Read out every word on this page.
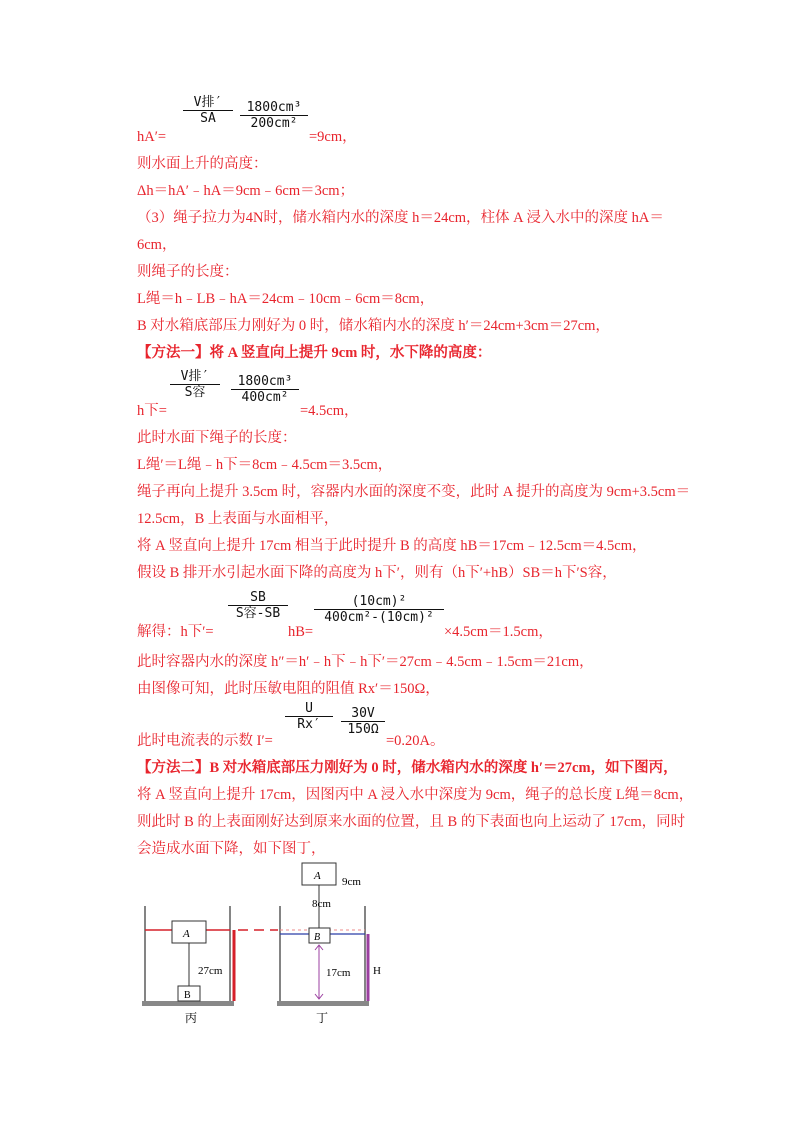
hA′=
V排′
SA	$\frac{\text{1800cm³}}{\text{200cm²}}$
=9cm，
则水面上升的高度：
Δh＝hA′﹣hA＝9cm﹣6cm＝3cm；
（3）绳子拉力为4N时，储水箱内水的深度 h＝24cm，柱体 A 浸入水中的深度 hA＝
6cm，
则绳子的长度：
L绳＝h﹣LB﹣hA＝24cm﹣10cm﹣6cm＝8cm，
B 对水箱底部压力刚好为 0 时，储水箱内水的深度 h′＝24cm+3cm＝27cm，
【方法一】将 A 竖直向上提升 9cm 时，水下降的高度：
h下=
V排′
S容	$\frac{\text{1800cm³}}{\text{400cm²}}$
=4.5cm，
此时水面下绳子的长度：
L绳′＝L绳﹣h下＝8cm﹣4.5cm＝3.5cm，
绳子再向上提升 3.5cm 时，容器内水面的深度不变，此时 A 提升的高度为 9cm+3.5cm＝
12.5cm，B 上表面与水面相平，
将 A 竖直向上提升 17cm 相当于此时提升 B 的高度 hB＝17cm﹣12.5cm＝4.5cm，
假设 B 排开水引起水面下降的高度为 h下′，则有（h下′+hB）SB＝h下′S容，
解得：h下′=
SB
S容-SB
hB=
$\frac{\text{(10cm)²}}{\text{400cm²-(10cm)²}}$
×4.5cm＝1.5cm，
此时容器内水的深度 h″＝h′﹣h下﹣h下′＝27cm﹣4.5cm﹣1.5cm＝21cm，
由图像可知，此时压敏电阻的阻值 Rx′＝150Ω，
此时电流表的示数 I′=
$\frac{U}{Rx'} \frac{30V}{150\Omega}$
=0.20A。
【方法二】B 对水箱底部压力刚好为 0 时，储水箱内水的深度 h′＝27cm，如下图丙，
将 A 竖直向上提升 17cm，因图丙中 A 浸入水中深度为 9cm，绳子的总长度 L绳＝8cm，
则此时 B 的上表面刚好达到原来水面的位置，且 B 的下表面也向上运动了 17cm，同时
会造成水面下降，如下图丁，
A
B
27cm
丙
A 9cm
8cm
B
17cm H
丁
